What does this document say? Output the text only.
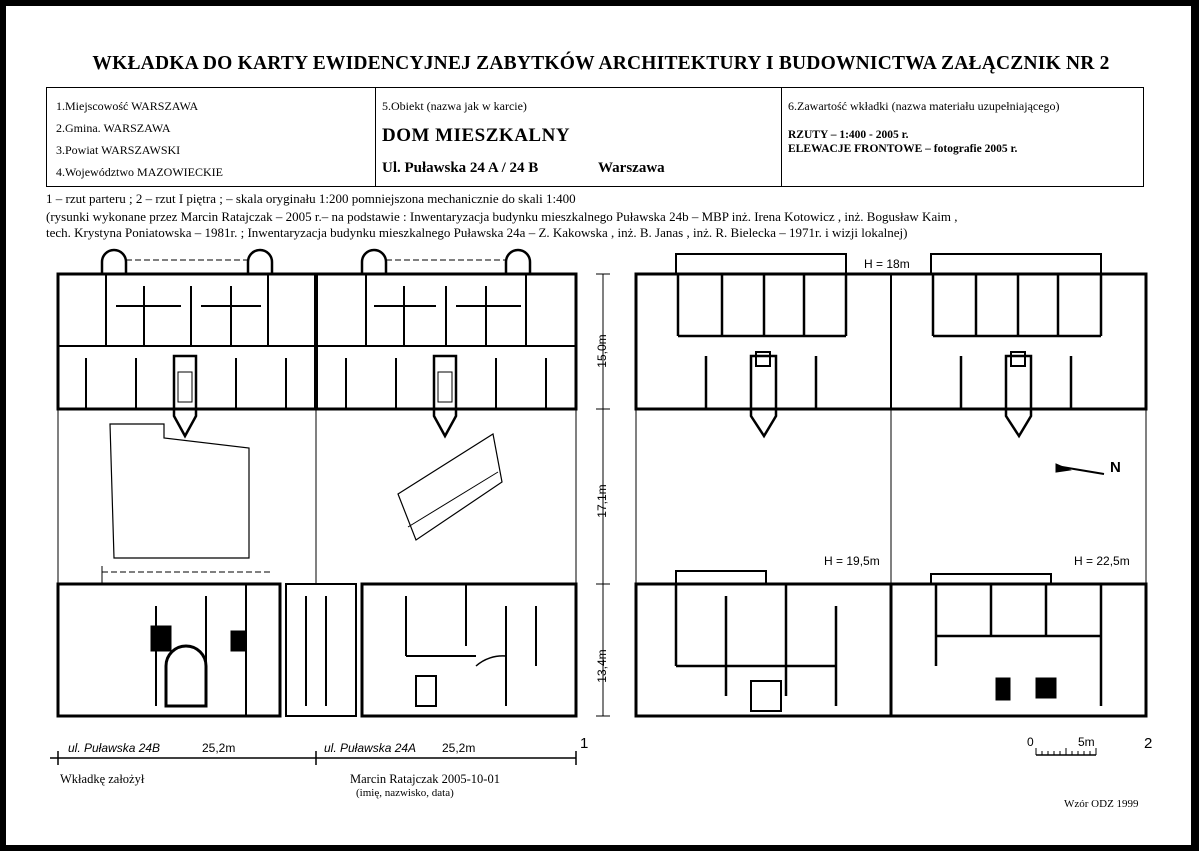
WKŁADKA DO KARTY EWIDENCYJNEJ ZABYTKÓW ARCHITEKTURY I BUDOWNICTWA ZAŁĄCZNIK NR 2
1.Miejscowość WARSZAWA
2.Gmina. WARSZAWA
3.Powiat WARSZAWSKI
4.Województwo MAZOWIECKIE
5.Obiekt (nazwa jak w karcie)
DOM MIESZKALNY
Ul. Puławska 24 A / 24 B	Warszawa
6.Zawartość wkładki (nazwa materiału uzupełniającego)
RZUTY – 1:400 - 2005 r.
ELEWACJE FRONTOWE – fotografie 2005 r.
1 – rzut parteru ; 2 – rzut I piętra ; – skala oryginału 1:200 pomniejszona mechanicznie do skali 1:400
(rysunki wykonane przez Marcin Ratajczak – 2005 r.– na podstawie : Inwentaryzacja budynku mieszkalnego Puławska 24b – MBP inż. Irena Kotowicz , inż. Bogusław Kaim ,
tech. Krystyna Poniatowska – 1981r. ; Inwentaryzacja budynku mieszkalnego Puławska 24a – Z. Kakowska , inż. B. Janas , inż. R. Bielecka – 1971r. i wizji lokalnej)
15,0m
17,1m
13,4m
ul. Puławska 24B	25,2m	ul. Puławska 24A 25,2m	1
H = 18m
H = 19,5m	H = 22,5m
N
0	5m	2
Wkładkę założył	Marcin Ratajczak 2005-10-01
(imię, nazwisko, data)
Wzór ODZ 1999
